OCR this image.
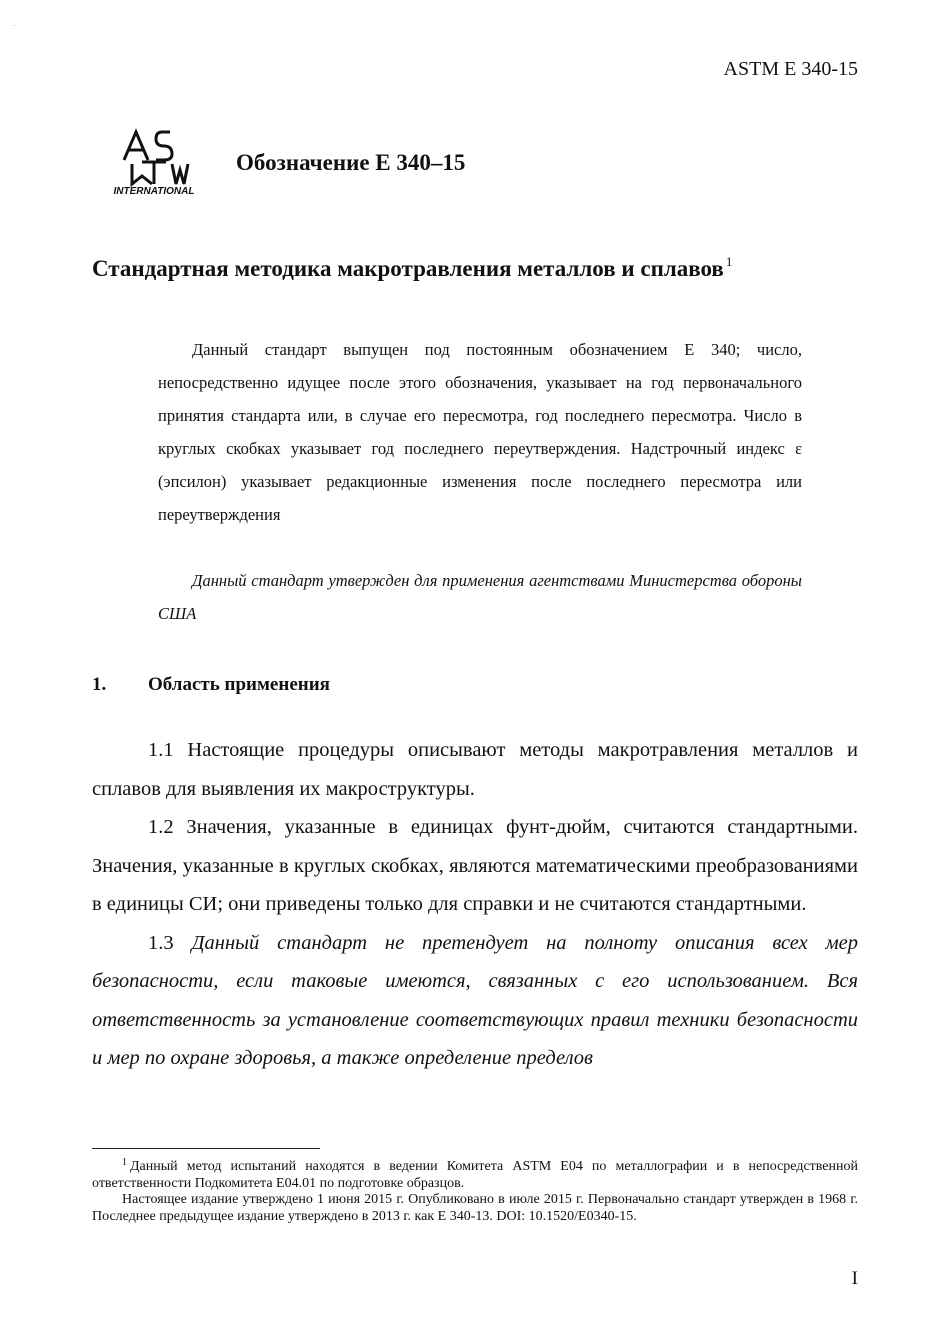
ASTM E 340-15
ASTM
INTERNATIONAL
Обозначение E 340–15
Стандартная методика макротравления металлов и сплавов $^1$

Данный стандарт выпущен под постоянным обозначением E 340; число, непосредственно идущее после этого обозначения, указывает на год первоначального принятия стандарта или, в случае его пересмотра, год последнего пересмотра. Число в круглых скобках указывает год последнего переутверждения. Надстрочный индекс ε (эпсилон) указывает редакционные изменения после последнего пересмотра или переутверждения

Данный стандарт утвержден для применения агентствами Министерства обороны США

1. Область применения

1.1 Настоящие процедуры описывают методы макротравления металлов и сплавов для выявления их макроструктуры.

1.2 Значения, указанные в единицах фунт-дюйм, считаются стандартными. Значения, указанные в круглых скобках, являются математическими преобразованиями в единицы СИ; они приведены только для справки и не считаются стандартными.

1.3 Данный стандарт не претендует на полноту описания всех мер безопасности, если таковые имеются, связанных с его использованием. Вся ответственность за установление соответствующих правил техники безопасности и мер по охране здоровья, а также определение пределов

$^1$ Данный метод испытаний находятся в ведении Комитета ASTM E04 по металлографии и в непосредственной ответственности Подкомитета E04.01 по подготовке образцов.

Настоящее издание утверждено 1 июня 2015 г. Опубликовано в июле 2015 г. Первоначально стандарт утвержден в 1968 г. Последнее предыдущее издание утверждено в 2013 г. как E 340-13. DOI: 10.1520/E0340-15.

I
